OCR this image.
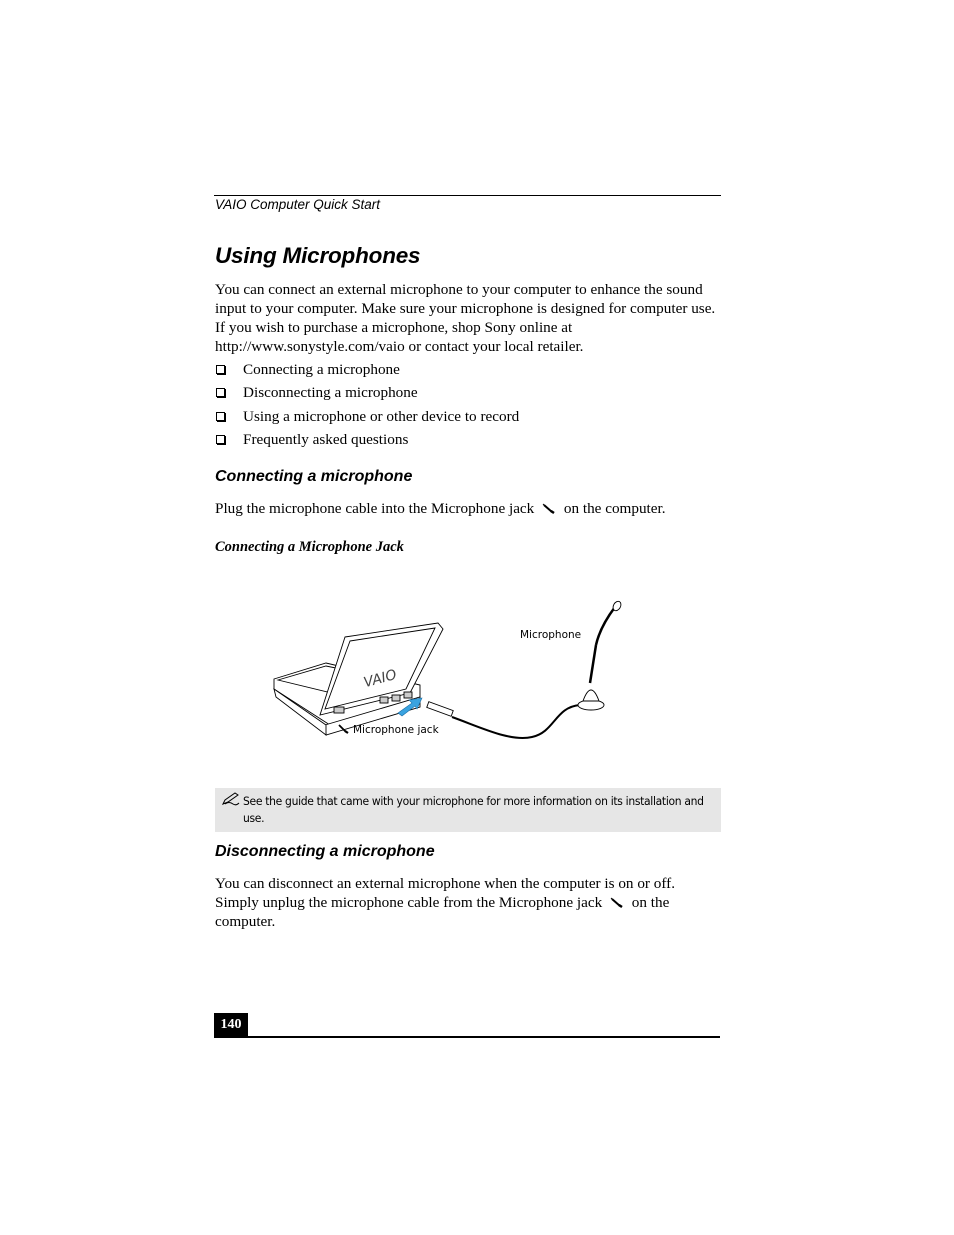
VAIO Computer Quick Start
Using Microphones

You can connect an external microphone to your computer to enhance the sound input to your computer. Make sure your microphone is designed for computer use. If you wish to purchase a microphone, shop Sony online at http://www.sonystyle.com/vaio or contact your local retailer.

Connecting a microphone
Disconnecting a microphone
Using a microphone or other device to record
Frequently asked questions
Connecting a microphone

Plug the microphone cable into the Microphone jack on the computer.

Connecting a Microphone Jack
VAIO
Microphone
Microphone jack
See the guide that came with your microphone for more information on its installation and use.
Disconnecting a microphone

You can disconnect an external microphone when the computer is on or off. Simply unplug the microphone cable from the Microphone jack on the computer.

140
